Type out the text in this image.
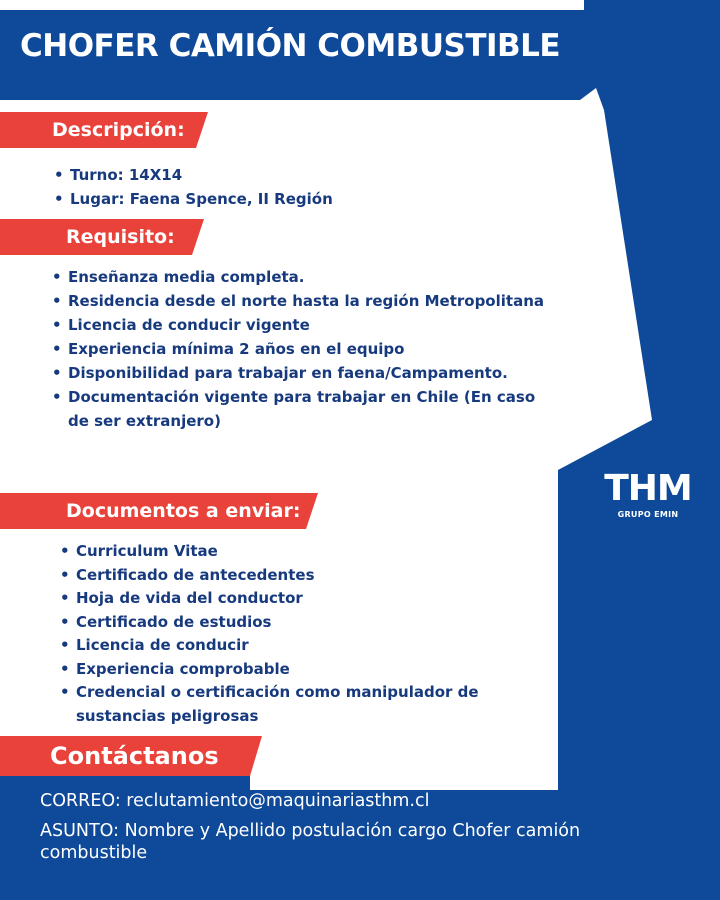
CHOFER CAMIÓN COMBUSTIBLE
Descripción:
• Turno: 14X14
• Lugar: Faena Spence, II Región
Requisito:
• Enseñanza media completa.
• Residencia desde el norte hasta la región Metropolitana
• Licencia de conducir vigente
• Experiencia mínima 2 años en el equipo
• Disponibilidad para trabajar en faena/Campamento.
• Documentación vigente para trabajar en Chile (En caso de ser extranjero)
Documentos a enviar:
• Curriculum Vitae
• Certificado de antecedentes
• Hoja de vida del conductor
• Certificado de estudios
• Licencia de conducir
• Experiencia comprobable
• Credencial o certificación como manipulador de sustancias peligrosas
Contáctanos
CORREO: reclutamiento@maquinariasthm.cl
ASUNTO: Nombre y Apellido postulación cargo Chofer camión combustible
THM
GRUPO EMIN
